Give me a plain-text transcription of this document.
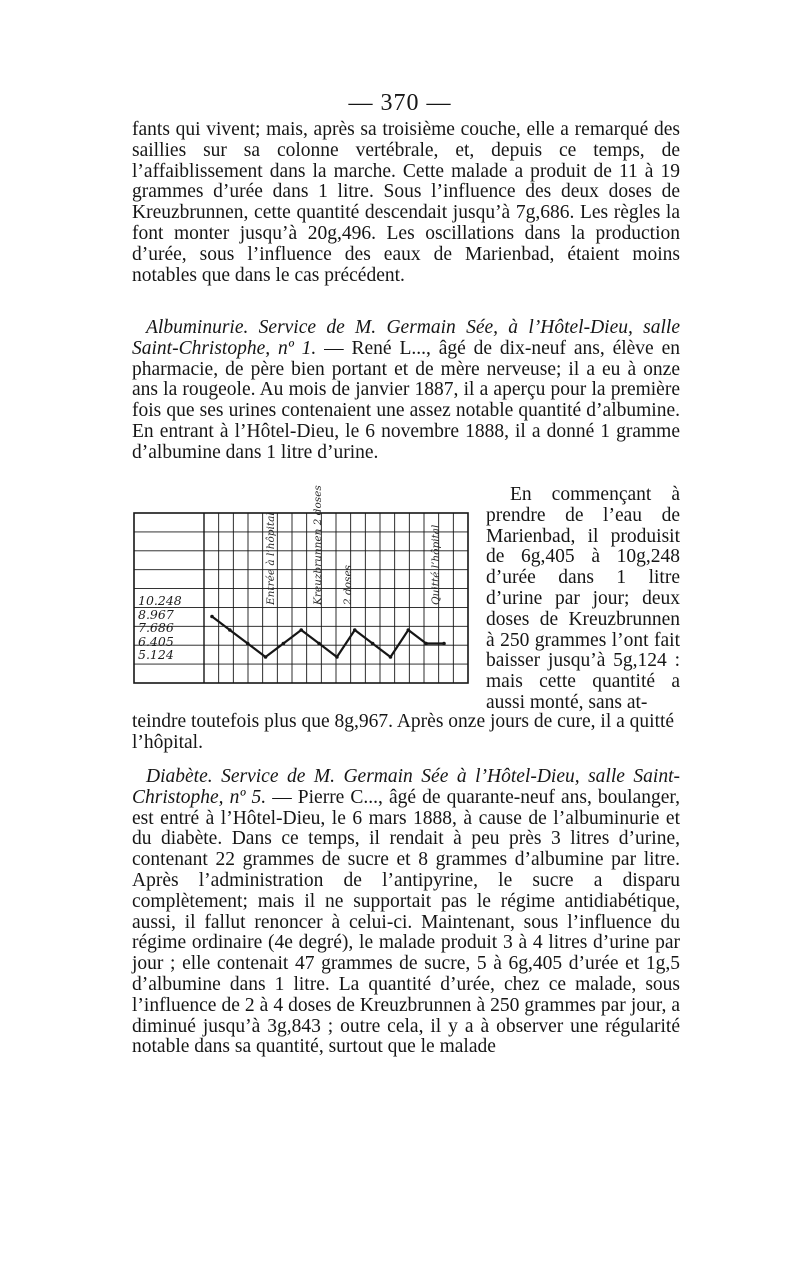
— 370 —

fants qui vivent; mais, après sa troisième couche, elle a remarqué des saillies sur sa colonne vertébrale, et, depuis ce temps, de l’affaiblissement dans la marche. Cette malade a produit de 11 à 19 grammes d’urée dans 1 litre. Sous l’influence des deux doses de Kreuzbrunnen, cette quantité descendait jusqu’à 7g,686. Les règles la font monter jusqu’à 20g,496. Les oscillations dans la production d’urée, sous l’influence des eaux de Marienbad, étaient moins notables que dans le cas précédent.

Albuminurie. Service de M. Germain Sée, à l’Hôtel-Dieu, salle Saint-Christophe, nº 1. — René L..., âgé de dix-neuf ans, élève en pharmacie, de père bien portant et de mère nerveuse; il a eu à onze ans la rougeole. Au mois de janvier 1887, il a aperçu pour la première fois que ses urines contenaient une assez notable quantité d’albumine. En entrant à l’Hôtel-Dieu, le 6 novembre 1888, il a donné 1 gramme d’albumine dans 1 litre d’urine.

10.248
8.967
7.686
6.405
5.124
Entrée à l’hôpital	Kreuzbrunnen 2 doses 2 doses	Quitté l’hôpital

En commençant à prendre de l’eau de Marienbad, il produisit de 6g,405 à 10g,248 d’urée dans 1 litre d’urine par jour; deux doses de Kreuzbrunnen à 250 grammes l’ont fait baisser jusqu’à 5g,124 : mais cette quantité a aussi monté, sans at-

teindre toutefois plus que 8g,967. Après onze jours de cure, il a quitté l’hôpital.

Diabète. Service de M. Germain Sée à l’Hôtel-Dieu, salle Saint-Christophe, nº 5. — Pierre C..., âgé de quarante-neuf ans, boulanger, est entré à l’Hôtel-Dieu, le 6 mars 1888, à cause de l’albuminurie et du diabète. Dans ce temps, il rendait à peu près 3 litres d’urine, contenant 22 grammes de sucre et 8 grammes d’albumine par litre. Après l’administration de l’antipyrine, le sucre a disparu complètement; mais il ne supportait pas le régime antidiabétique, aussi, il fallut renoncer à celui-ci. Maintenant, sous l’influence du régime ordinaire (4e degré), le malade produit 3 à 4 litres d’urine par jour ; elle contenait 47 grammes de sucre, 5 à 6g,405 d’urée et 1g,5 d’albumine dans 1 litre. La quantité d’urée, chez ce malade, sous l’influence de 2 à 4 doses de Kreuzbrunnen à 250 grammes par jour, a diminué jusqu’à 3g,843 ; outre cela, il y a à observer une régularité notable dans sa quantité, surtout que le malade
